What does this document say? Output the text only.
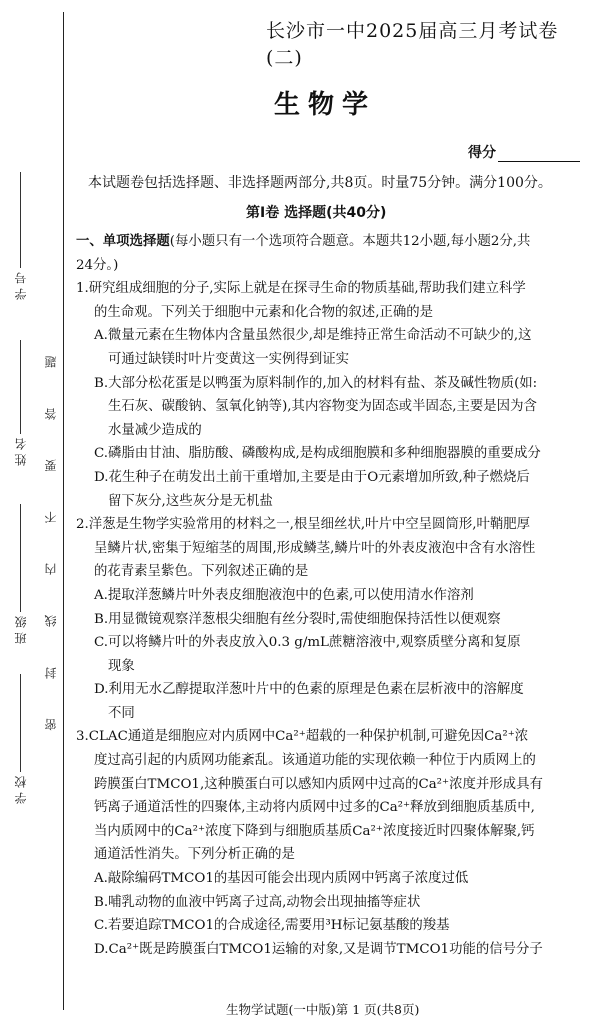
学号
姓名
班级
学校
密 封 线 内 不 要 答 题
长沙市一中2025届高三月考试卷(二)
生物学
得分
本试题卷包括选择题、非选择题两部分,共8页。时量75分钟。满分100分。
第Ⅰ卷 选择题(共40分)

一、单项选择题(每小题只有一个选项符合题意。本题共12小题,每小题2分,共

24分。)

1.研究组成细胞的分子,实际上就是在探寻生命的物质基础,帮助我们建立科学

的生命观。下列关于细胞中元素和化合物的叙述,正确的是

A.微量元素在生物体内含量虽然很少,却是维持正常生命活动不可缺少的,这

可通过缺镁时叶片变黄这一实例得到证实

B.大部分松花蛋是以鸭蛋为原料制作的,加入的材料有盐、茶及碱性物质(如:

生石灰、碳酸钠、氢氧化钠等),其内容物变为固态或半固态,主要是因为含

水量减少造成的

C.磷脂由甘油、脂肪酸、磷酸构成,是构成细胞膜和多种细胞器膜的重要成分

D.花生种子在萌发出土前干重增加,主要是由于O元素增加所致,种子燃烧后

留下灰分,这些灰分是无机盐

2.洋葱是生物学实验常用的材料之一,根呈细丝状,叶片中空呈圆筒形,叶鞘肥厚

呈鳞片状,密集于短缩茎的周围,形成鳞茎,鳞片叶的外表皮液泡中含有水溶性

的花青素呈紫色。下列叙述正确的是

A.提取洋葱鳞片叶外表皮细胞液泡中的色素,可以使用清水作溶剂

B.用显微镜观察洋葱根尖细胞有丝分裂时,需使细胞保持活性以便观察

C.可以将鳞片叶的外表皮放入0.3 g/mL蔗糖溶液中,观察质壁分离和复原

现象

D.利用无水乙醇提取洋葱叶片中的色素的原理是色素在层析液中的溶解度

不同

3.CLAC通道是细胞应对内质网中Ca²⁺超载的一种保护机制,可避免因Ca²⁺浓

度过高引起的内质网功能紊乱。该通道功能的实现依赖一种位于内质网上的

跨膜蛋白TMCO1,这种膜蛋白可以感知内质网中过高的Ca²⁺浓度并形成具有

钙离子通道活性的四聚体,主动将内质网中过多的Ca²⁺释放到细胞质基质中,

当内质网中的Ca²⁺浓度下降到与细胞质基质Ca²⁺浓度接近时四聚体解聚,钙

通道活性消失。下列分析正确的是

A.敲除编码TMCO1的基因可能会出现内质网中钙离子浓度过低

B.哺乳动物的血液中钙离子过高,动物会出现抽搐等症状

C.若要追踪TMCO1的合成途径,需要用³H标记氨基酸的羧基

D.Ca²⁺既是跨膜蛋白TMCO1运输的对象,又是调节TMCO1功能的信号分子

生物学试题(一中版)第 1 页(共8页)
